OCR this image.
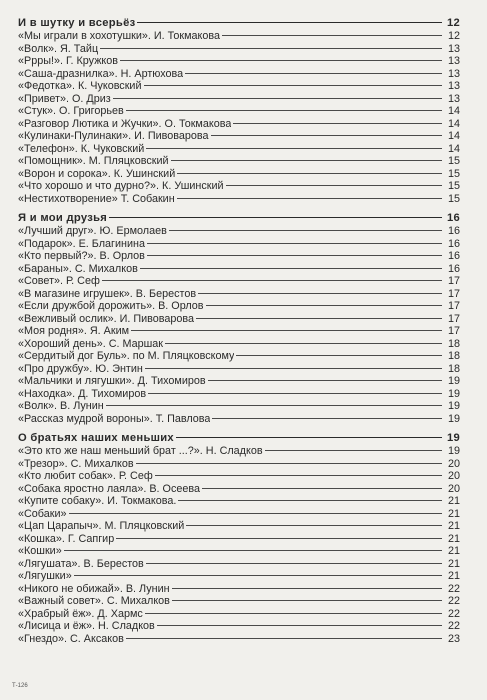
И в шутку и всерьёз	12
«Мы играли в хохотушки». И. Токмакова	12
«Волк». Я. Тайц	13
«Ррры!». Г. Кружков	13
«Саша-дразнилка». Н. Артюхова	13
«Федотка». К. Чуковский	13
«Привет». О. Дриз	13
«Стук». О. Григорьев	14
«Разговор Лютика и Жучки». О. Токмакова	14
«Кулинаки-Пулинаки». И. Пивоварова	14
«Телефон». К. Чуковский	14
«Помощник». М. Пляцковский	15
«Ворон и сорока». К. Ушинский	15
«Что хорошо и что дурно?». К. Ушинский	15
«Нестихотворение» Т. Собакин	15
Я и мои друзья	16
«Лучший друг». Ю. Ермолаев	16
«Подарок». Е. Благинина	16
«Кто первый?». В. Орлов	16
«Бараны». С. Михалков	16
«Совет». Р. Сеф	17
«В магазине игрушек». В. Берестов	17
«Если дружбой дорожить». В. Орлов	17
«Вежливый ослик». И. Пивоварова	17
«Моя родня». Я. Аким	17
«Хороший день». С. Маршак	18
«Сердитый дог Буль». по М. Пляцковскому	18
«Про дружбу». Ю. Энтин	18
«Мальчики и лягушки». Д. Тихомиров	19
«Находка». Д. Тихомиров	19
«Волк». В. Лунин	19
«Рассказ мудрой вороны». Т. Павлова	19
О братьях наших меньших	19
«Это кто же наш меньший брат ...?». Н. Сладков	19
«Трезор». С. Михалков	20
«Кто любит собак». Р. Сеф	20
«Собака яростно лаяла». В. Осеева	20
«Купите собаку». И. Токмакова.	21
«Собаки»	21
«Цап Царапыч». М. Пляцковский	21
«Кошка». Г. Сапгир	21
«Кошки»	21
«Лягушата». В. Берестов	21
«Лягушки»	21
«Никого не обижай». В. Лунин	22
«Важный совет». С. Михалков	22
«Храбрый ёж». Д. Хармс	22
«Лисица и ёж». Н. Сладков	22
«Гнездо». С. Аксаков	23
Т-126
